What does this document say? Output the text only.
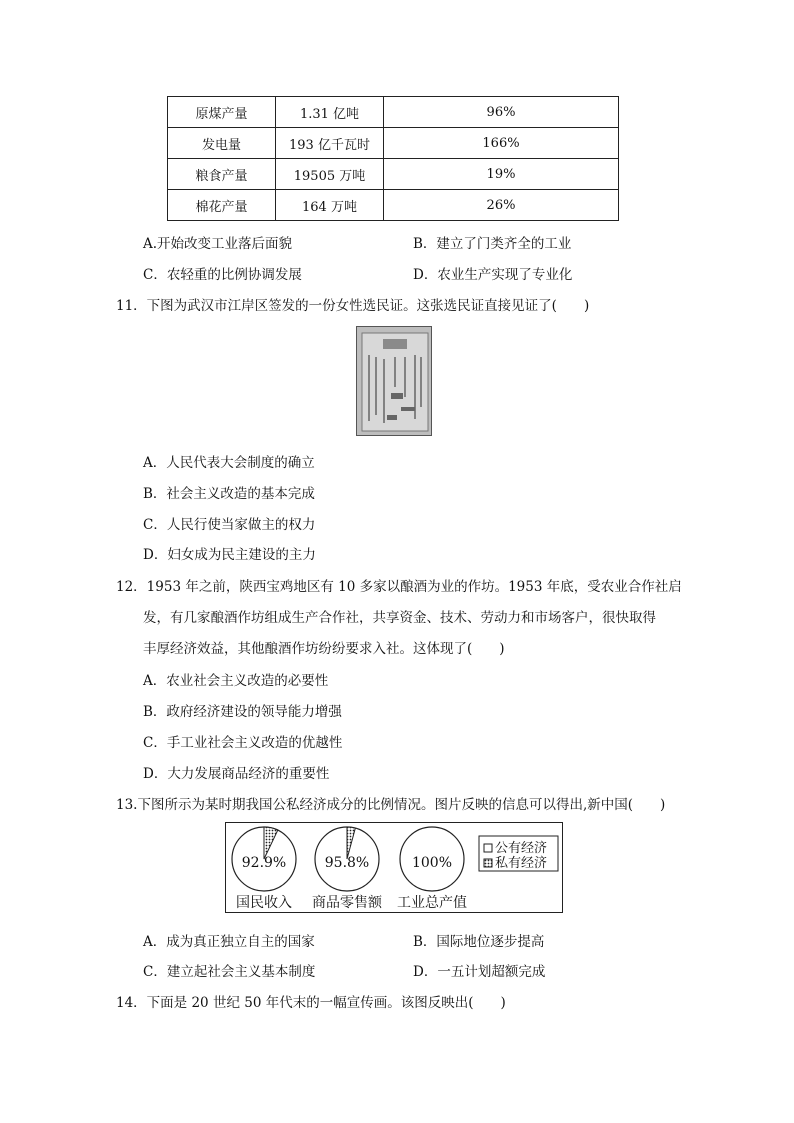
原煤产量	1.31 亿吨	96%
发电量	193 亿千瓦时	166%
粮食产量	19505 万吨	19%
棉花产量	164 万吨	26%
A.开始改变工业落后面貌	B．建立了门类齐全的工业
C．农轻重的比例协调发展	D．农业生产实现了专业化
11．下图为武汉市江岸区签发的一份女性选民证。这张选民证直接见证了(　　)
A．人民代表大会制度的确立
B．社会主义改造的基本完成
C．人民行使当家做主的权力
D．妇女成为民主建设的主力
12．1953 年之前，陕西宝鸡地区有 10 多家以酿酒为业的作坊。1953 年底，受农业合作社启
发，有几家酿酒作坊组成生产合作社，共享资金、技术、劳动力和市场客户，很快取得
丰厚经济效益，其他酿酒作坊纷纷要求入社。这体现了(　　)
A．农业社会主义改造的必要性
B．政府经济建设的领导能力增强
C．手工业社会主义改造的优越性
D．大力发展商品经济的重要性
13.下图所示为某时期我国公私经济成分的比例情况。图片反映的信息可以得出,新中国(　　)
92.9%
国民收入
95.8%
商品零售额
100%
工业总产值
公有经济
私有经济
A．成为真正独立自主的国家	B．国际地位逐步提高
C．建立起社会主义基本制度	D．一五计划超额完成
14．下面是 20 世纪 50 年代末的一幅宣传画。该图反映出(　　)
